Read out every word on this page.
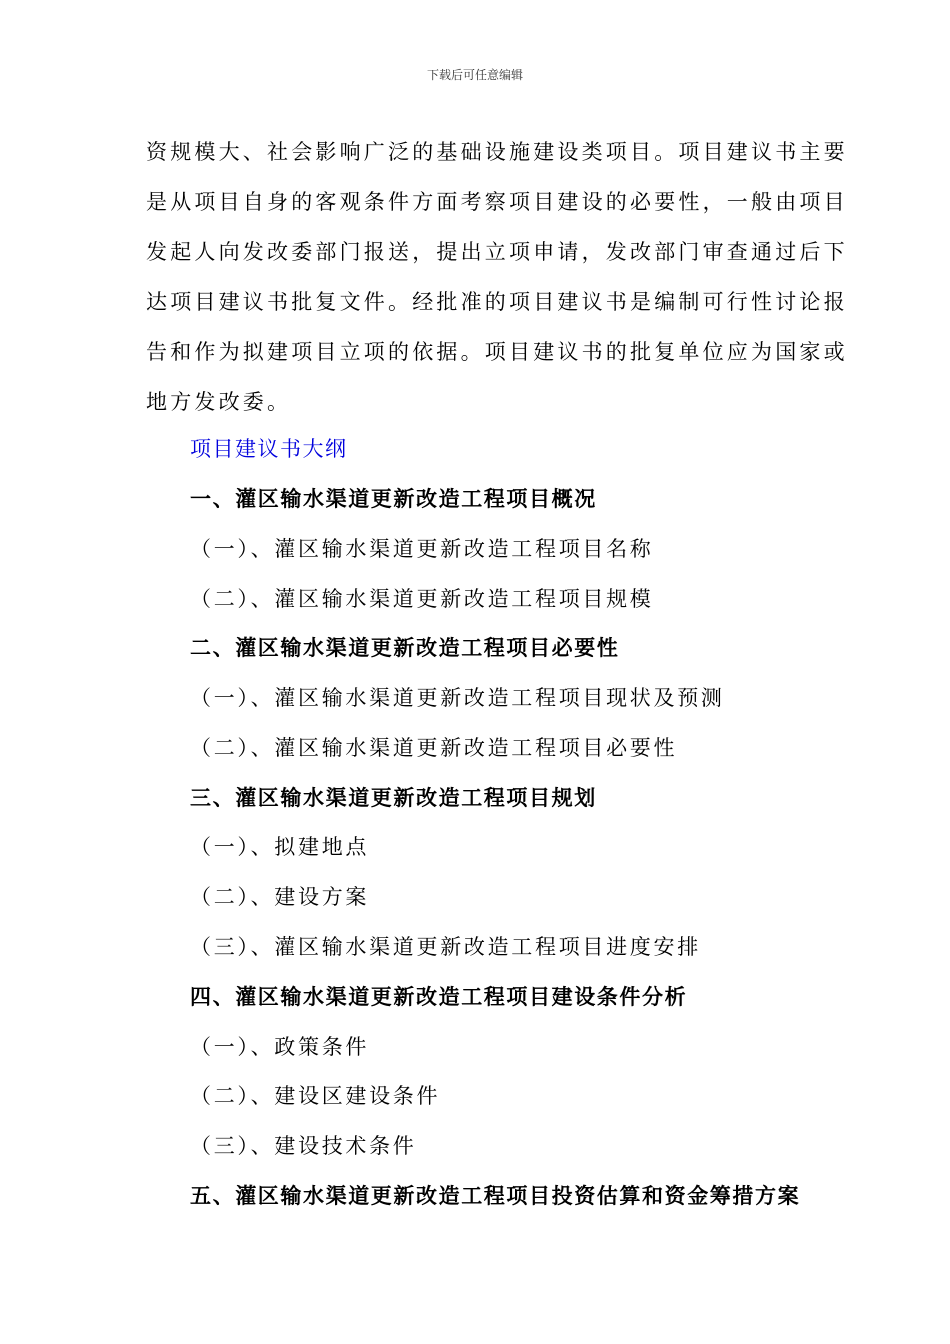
下载后可任意编辑
资规模大、社会影响广泛的基础设施建设类项目。项目建议书主要
是从项目自身的客观条件方面考察项目建设的必要性，一般由项目
发起人向发改委部门报送，提出立项申请，发改部门审查通过后下
达项目建议书批复文件。经批准的项目建议书是编制可行性讨论报
告和作为拟建项目立项的依据。项目建议书的批复单位应为国家或
地方发改委。
项目建议书大纲
一、灌区输水渠道更新改造工程项目概况
（一）、灌区输水渠道更新改造工程项目名称
（二）、灌区输水渠道更新改造工程项目规模
二、灌区输水渠道更新改造工程项目必要性
（一）、灌区输水渠道更新改造工程项目现状及预测
（二）、灌区输水渠道更新改造工程项目必要性
三、灌区输水渠道更新改造工程项目规划
（一）、拟建地点
（二）、建设方案
（三）、灌区输水渠道更新改造工程项目进度安排
四、灌区输水渠道更新改造工程项目建设条件分析
（一）、政策条件
（二）、建设区建设条件
（三）、建设技术条件
五、灌区输水渠道更新改造工程项目投资估算和资金筹措方案
